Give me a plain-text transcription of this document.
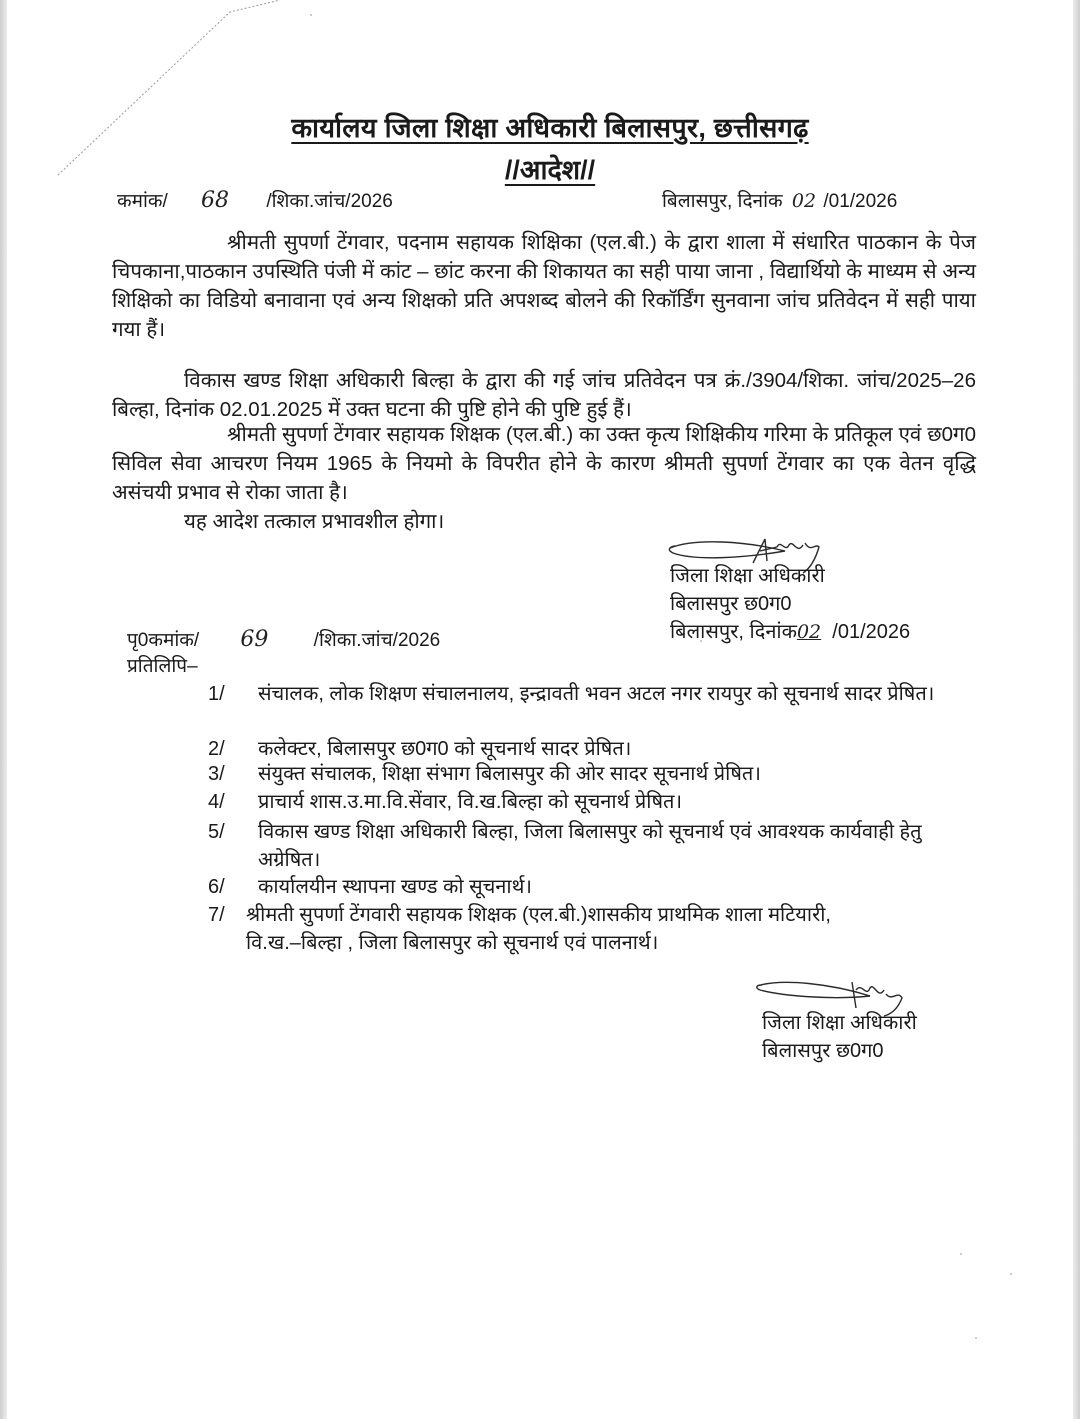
कार्यालय जिला शिक्षा अधिकारी बिलासपुर, छत्तीसगढ़
//आदेश//
कमांक/ 68 /शिका.जांच/2026	बिलासपुर, दिनांक 02 /01/2026

श्रीमती सुपर्णा टेंगवार, पदनाम सहायक शिक्षिका (एल.बी.) के द्वारा शाला में संधारित पाठकान के पेज चिपकाना,पाठकान उपस्थिति पंजी में कांट – छांट करना की शिकायत का सही पाया जाना , विद्यार्थियो के माध्यम से अन्य शिक्षिको का विडियो बनावाना एवं अन्य शिक्षको प्रति अपशब्द बोलने की रिकॉर्डिंग सुनवाना जांच प्रतिवेदन में सही पाया गया हैं।

विकास खण्ड शिक्षा अधिकारी बिल्हा के द्वारा की गई जांच प्रतिवेदन पत्र क्रं./3904/शिका. जांच/2025–26 बिल्हा, दिनांक 02.01.2025 में उक्त घटना की पुष्टि होने की पुष्टि हुई हैं।

श्रीमती सुपर्णा टेंगवार सहायक शिक्षक (एल.बी.) का उक्त कृत्य शिक्षिकीय गरिमा के प्रतिकूल एवं छ0ग0 सिविल सेवा आचरण नियम 1965 के नियमो के विपरीत होने के कारण श्रीमती सुपर्णा टेंगवार का एक वेतन वृद्धि असंचयी प्रभाव से रोका जाता है।

यह आदेश तत्काल प्रभावशील होगा।

जिला शिक्षा अधिकारी
बिलासपुर छ0ग0
बिलासपुर, दिनांक02 /01/2026
पृ0कमांक/ 69 /शिका.जांच/2026
प्रतिलिपि–
1/ संचालक, लोक शिक्षण संचालनालय, इन्द्रावती भवन अटल नगर रायपुर को सूचनार्थ सादर प्रेषित।
2/ कलेक्टर, बिलासपुर छ0ग0 को सूचनार्थ सादर प्रेषित।
3/ संयुक्त संचालक, शिक्षा संभाग बिलासपुर की ओर सादर सूचनार्थ प्रेषित।
4/ प्राचार्य शास.उ.मा.वि.सेंवार, वि.ख.बिल्हा को सूचनार्थ प्रेषित।
5/ विकास खण्ड शिक्षा अधिकारी बिल्हा, जिला बिलासपुर को सूचनार्थ एवं आवश्यक कार्यवाही हेतु अग्रेषित।
6/ कार्यालयीन स्थापना खण्ड को सूचनार्थ।
7/ श्रीमती सुपर्णा टेंगवारी सहायक शिक्षक (एल.बी.)शासकीय प्राथमिक शाला मटियारी, वि.ख.–बिल्हा , जिला बिलासपुर को सूचनार्थ एवं पालनार्थ।
जिला शिक्षा अधिकारी
बिलासपुर छ0ग0
